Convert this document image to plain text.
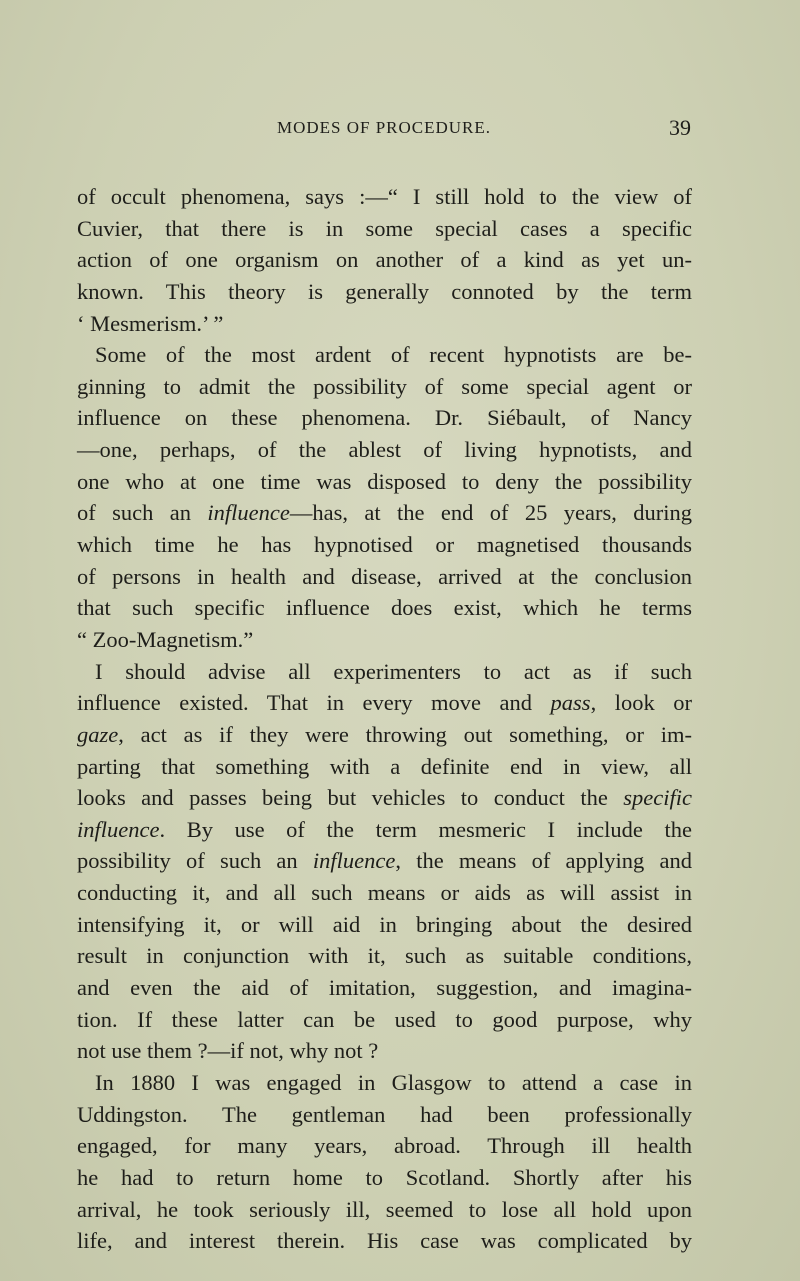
MODES OF PROCEDURE.	39
of occult phenomena, says :—“ I still hold to the view of
Cuvier, that there is in some special cases a specific
action of one organism on another of a kind as yet un-
known. This theory is generally connoted by the term
‘ Mesmerism.’ ”
Some of the most ardent of recent hypnotists are be-
ginning to admit the possibility of some special agent or
influence on these phenomena. Dr. Siébault, of Nancy
—one, perhaps, of the ablest of living hypnotists, and
one who at one time was disposed to deny the possibility
of such an influence—has, at the end of 25 years, during
which time he has hypnotised or magnetised thousands
of persons in health and disease, arrived at the conclusion
that such specific influence does exist, which he terms
“ Zoo-Magnetism.”
I should advise all experimenters to act as if such
influence existed. That in every move and pass, look or
gaze, act as if they were throwing out something, or im-
parting that something with a definite end in view, all
looks and passes being but vehicles to conduct the specific
influence. By use of the term mesmeric I include the
possibility of such an influence, the means of applying and
conducting it, and all such means or aids as will assist in
intensifying it, or will aid in bringing about the desired
result in conjunction with it, such as suitable conditions,
and even the aid of imitation, suggestion, and imagina-
tion. If these latter can be used to good purpose, why
not use them ?—if not, why not ?
In 1880 I was engaged in Glasgow to attend a case in
Uddingston. The gentleman had been professionally
engaged, for many years, abroad. Through ill health
he had to return home to Scotland. Shortly after his
arrival, he took seriously ill, seemed to lose all hold upon
life, and interest therein. His case was complicated by
